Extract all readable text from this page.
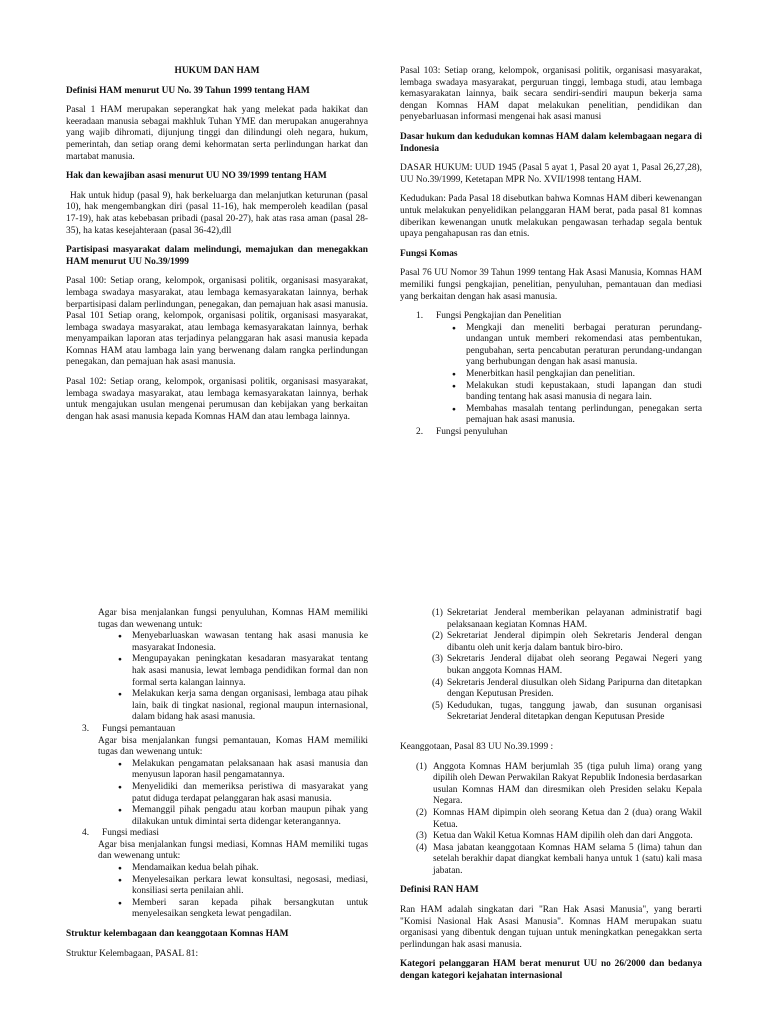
HUKUM DAN HAM
Definisi HAM menurut UU No. 39 Tahun 1999 tentang HAM
Pasal 1 HAM merupakan seperangkat hak yang melekat pada hakikat dan keeradaan manusia sebagai makhluk Tuhan YME dan merupakan anugerahnya yang wajib dihromati, dijunjung tinggi dan dilindungi oleh negara, hukum, pemerintah, dan setiap orang demi kehormatan serta perlindungan harkat dan martabat manusia.
Hak dan kewajiban asasi menurut UU NO 39/1999 tentang HAM
Hak untuk hidup (pasal 9), hak berkeluarga dan melanjutkan keturunan (pasal 10), hak mengembangkan diri (pasal 11-16), hak memperoleh keadilan (pasal 17-19), hak atas kebebasan pribadi (pasal 20-27), hak atas rasa aman (pasal 28-35), ha katas kesejahteraan (pasal 36-42),dll
Partisipasi masyarakat dalam melindungi, memajukan dan menegakkan HAM menurut UU No.39/1999
Pasal 100: Setiap orang, kelompok, organisasi politik, organisasi masyarakat, lembaga swadaya masyarakat, atau lembaga kemasyarakatan lainnya, berhak berpartisipasi dalam perlindungan, penegakan, dan pemajuan hak asasi manusia. Pasal 101 Setiap orang, kelompok, organisasi politik, organisasi masyarakat, lembaga swadaya masyarakat, atau lembaga kemasyarakatan lainnya, berhak menyampaikan laporan atas terjadinya pelanggaran hak asasi manusia kepada Komnas HAM atau lambaga lain yang berwenang dalam rangka perlindungan penegakan, dan pemajuan hak asasi manusia.
Pasal 102: Setiap orang, kelompok, organisasi politik, organisasi masyarakat, lembaga swadaya masyarakat, atau lembaga kemasyarakatan lainnya, berhak untuk mengajukan usulan mengenai perumusan dan kebijakan yang berkaitan dengan hak asasi manusia kepada Komnas HAM dan atau lembaga lainnya.
Pasal 103: Setiap orang, kelompok, organisasi politik, organisasi masyarakat, lembaga swadaya masyarakat, perguruan tinggi, lembaga studi, atau lembaga kemasyarakatan lainnya, baik secara sendiri-sendiri maupun bekerja sama dengan Komnas HAM dapat melakukan penelitian, pendidikan dan penyebarluasan informasi mengenai hak asasi manusi
Dasar hukum dan kedudukan komnas HAM dalam kelembagaan negara di Indonesia
DASAR HUKUM: UUD 1945 (Pasal 5 ayat 1, Pasal 20 ayat 1, Pasal 26,27,28), UU No.39/1999, Ketetapan MPR No. XVII/1998 tentang HAM.
Kedudukan: Pada Pasal 18 disebutkan bahwa Komnas HAM diberi kewenangan untuk melakukan penyelidikan pelanggaran HAM berat, pada pasal 81 komnas diberikan kewenangan unutk melakukan pengawasan terhadap segala bentuk upaya pengahapusan ras dan etnis.
Fungsi Komas
Pasal 76 UU Nomor 39 Tahun 1999 tentang Hak Asasi Manusia, Komnas HAM memiliki fungsi pengkajian, penelitian, penyuluhan, pemantauan dan mediasi yang berkaitan dengan hak asasi manusia.
1. Fungsi Pengkajian dan Penelitian
● Mengkaji dan meneliti berbagai peraturan perundang-undangan untuk memberi rekomendasi atas pembentukan, pengubahan, serta pencabutan peraturan perundang-undangan yang berhubungan dengan hak asasi manusia.
● Menerbitkan hasil pengkajian dan penelitian.
● Melakukan studi kepustakaan, studi lapangan dan studi banding tentang hak asasi manusia di negara lain.
● Membahas masalah tentang perlindungan, penegakan serta pemajuan hak asasi manusia.
2. Fungsi penyuluhan
Agar bisa menjalankan fungsi penyuluhan, Komnas HAM memiliki tugas dan wewenang untuk:
● Menyebarluaskan wawasan tentang hak asasi manusia ke masyarakat Indonesia.
● Mengupayakan peningkatan kesadaran masyarakat tentang hak asasi manusia, lewat lembaga pendidikan formal dan non formal serta kalangan lainnya.
● Melakukan kerja sama dengan organisasi, lembaga atau pihak lain, baik di tingkat nasional, regional maupun internasional, dalam bidang hak asasi manusia.
3. Fungsi pemantauan
Agar bisa menjalankan fungsi pemantauan, Komas HAM memiliki tugas dan wewenang untuk:
● Melakukan pengamatan pelaksanaan hak asasi manusia dan menyusun laporan hasil pengamatannya.
● Menyelidiki dan memeriksa peristiwa di masyarakat yang patut diduga terdapat pelanggaran hak asasi manusia.
● Memanggil pihak pengadu atau korban maupun pihak yang dilakukan untuk dimintai serta didengar keterangannya.
4. Fungsi mediasi
Agar bisa menjalankan fungsi mediasi, Komnas HAM memiliki tugas dan wewenang untuk:
● Mendamaikan kedua belah pihak.
● Menyelesaikan perkara lewat konsultasi, negosasi, mediasi, konsiliasi serta penilaian ahli.
● Memberi saran kepada pihak bersangkutan untuk menyelesaikan sengketa lewat pengadilan.
Struktur kelembagaan dan keanggotaan Komnas HAM
Struktur Kelembagaan, PASAL 81:
(1) Sekretariat Jenderal memberikan pelayanan administratif bagi pelaksanaan kegiatan Komnas HAM.
(2) Sekretariat Jenderal dipimpin oleh Sekretaris Jenderal dengan dibantu oleh unit kerja dalam bantuk biro-biro.
(3) Sekretaris Jenderal dijabat oleh seorang Pegawai Negeri yang bukan anggota Komnas HAM.
(4) Sekretaris Jenderal diusulkan oleh Sidang Paripurna dan ditetapkan dengan Keputusan Presiden.
(5) Kedudukan, tugas, tanggung jawab, dan susunan organisasi Sekretariat Jenderal ditetapkan dengan Keputusan Preside
Keanggotaan, Pasal 83 UU No.39.1999 :
(1) Anggota Komnas HAM berjumlah 35 (tiga puluh lima) orang yang dipilih oleh Dewan Perwakilan Rakyat Republik Indonesia berdasarkan usulan Komnas HAM dan diresmikan oleh Presiden selaku Kepala Negara.
(2) Komnas HAM dipimpin oleh seorang Ketua dan 2 (dua) orang Wakil Ketua.
(3) Ketua dan Wakil Ketua Komnas HAM dipilih oleh dan dari Anggota.
(4) Masa jabatan keanggotaan Komnas HAM selama 5 (lima) tahun dan setelah berakhir dapat diangkat kembali hanya untuk 1 (satu) kali masa jabatan.
Definisi RAN HAM
Ran HAM adalah singkatan dari "Ran Hak Asasi Manusia", yang berarti "Komisi Nasional Hak Asasi Manusia". Komnas HAM merupakan suatu organisasi yang dibentuk dengan tujuan untuk meningkatkan penegakkan serta perlindungan hak asasi manusia.
Kategori pelanggaran HAM berat menurut UU no 26/2000 dan bedanya dengan kategori kejahatan internasional
